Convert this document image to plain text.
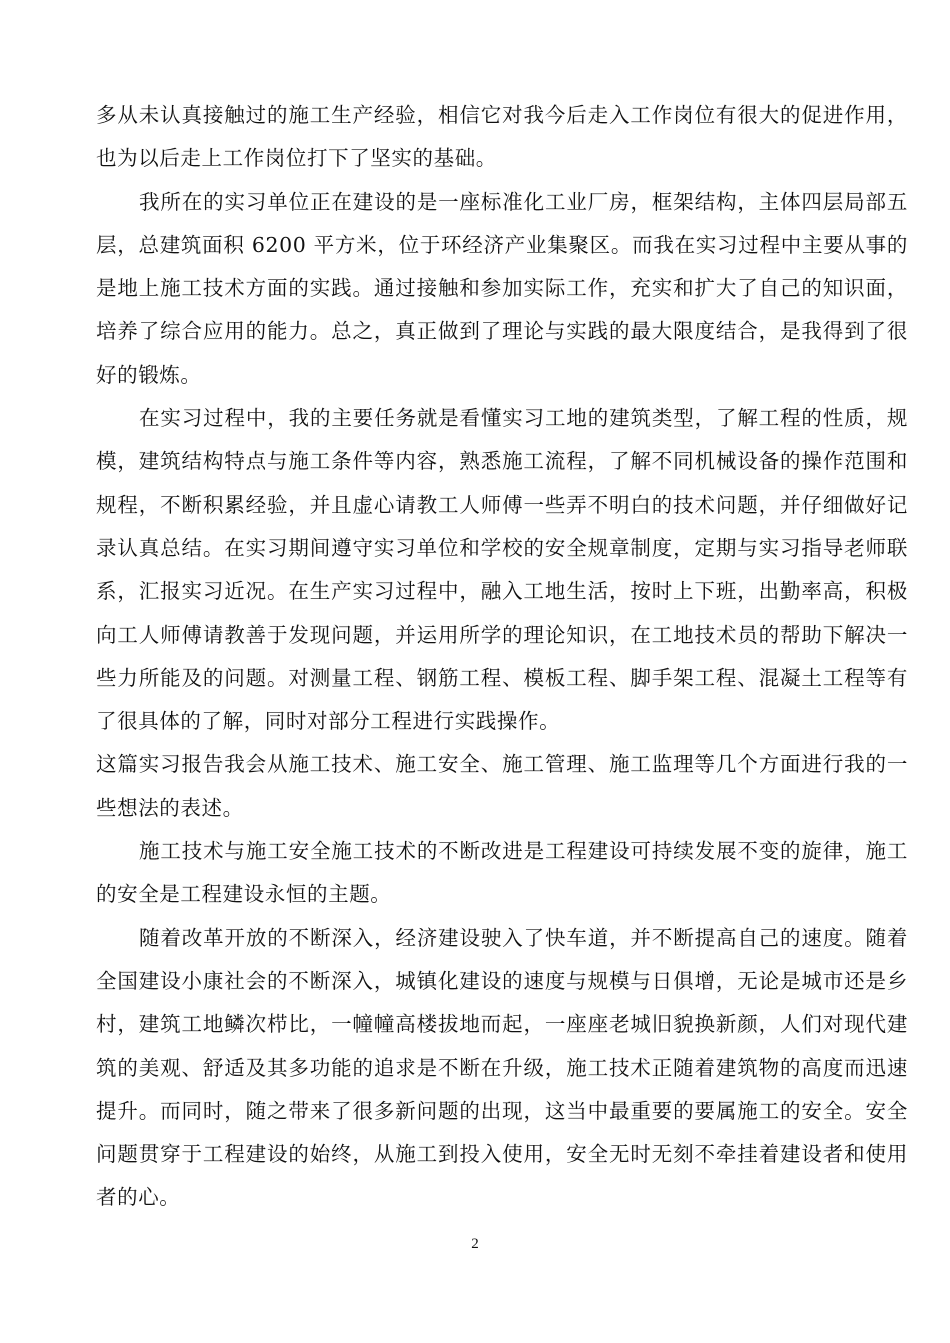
多从未认真接触过的施工生产经验，相信它对我今后走入工作岗位有很大的促进作用，也为以后走上工作岗位打下了坚实的基础。

我所在的实习单位正在建设的是一座标准化工业厂房，框架结构，主体四层局部五层，总建筑面积 6200 平方米，位于环经济产业集聚区。而我在实习过程中主要从事的是地上施工技术方面的实践。通过接触和参加实际工作，充实和扩大了自己的知识面，培养了综合应用的能力。总之，真正做到了理论与实践的最大限度结合，是我得到了很好的锻炼。

在实习过程中，我的主要任务就是看懂实习工地的建筑类型，了解工程的性质，规模，建筑结构特点与施工条件等内容，熟悉施工流程，了解不同机械设备的操作范围和规程，不断积累经验，并且虚心请教工人师傅一些弄不明白的技术问题，并仔细做好记录认真总结。在实习期间遵守实习单位和学校的安全规章制度，定期与实习指导老师联系，汇报实习近况。在生产实习过程中，融入工地生活，按时上下班，出勤率高，积极向工人师傅请教善于发现问题，并运用所学的理论知识，在工地技术员的帮助下解决一些力所能及的问题。对测量工程、钢筋工程、模板工程、脚手架工程、混凝土工程等有了很具体的了解，同时对部分工程进行实践操作。

这篇实习报告我会从施工技术、施工安全、施工管理、施工监理等几个方面进行我的一些想法的表述。

施工技术与施工安全施工技术的不断改进是工程建设可持续发展不变的旋律，施工的安全是工程建设永恒的主题。

随着改革开放的不断深入，经济建设驶入了快车道，并不断提高自己的速度。随着全国建设小康社会的不断深入，城镇化建设的速度与规模与日俱增，无论是城市还是乡村，建筑工地鳞次栉比，一幢幢高楼拔地而起，一座座老城旧貌换新颜，人们对现代建筑的美观、舒适及其多功能的追求是不断在升级，施工技术正随着建筑物的高度而迅速提升。而同时，随之带来了很多新问题的出现，这当中最重要的要属施工的安全。安全问题贯穿于工程建设的始终，从施工到投入使用，安全无时无刻不牵挂着建设者和使用者的心。

2
